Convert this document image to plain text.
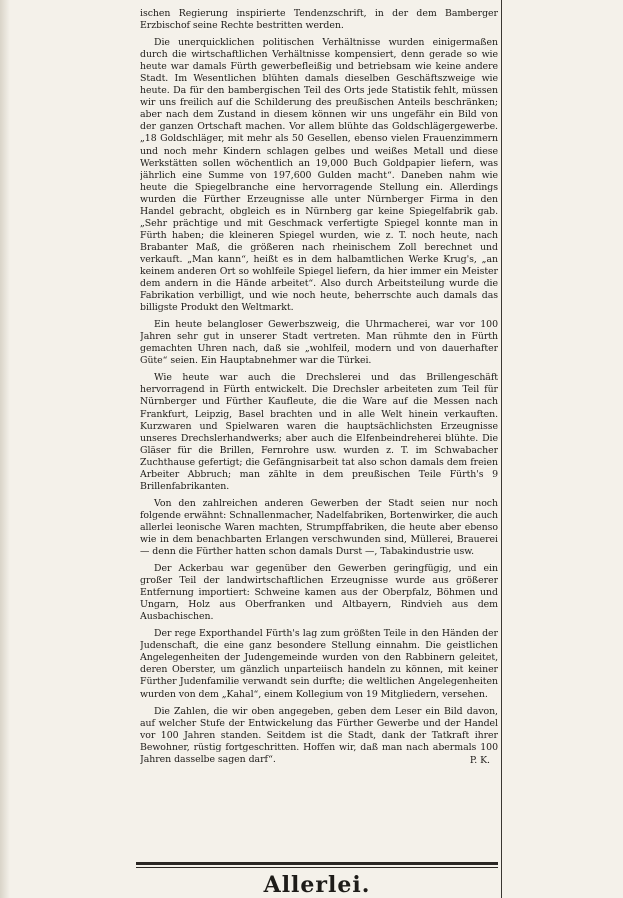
ischen Regierung inspirierte Tendenzschrift, in der dem Bamberger Erzbischof seine Rechte bestritten werden.

Die unerquicklichen politischen Verhältnisse wurden einigermaßen durch die wirtschaftlichen Verhältnisse kompensiert, denn gerade so wie heute war damals Fürth gewerbefleißig und betriebsam wie keine andere Stadt. Im Wesentlichen blühten damals dieselben Geschäftszweige wie heute. Da für den bambergischen Teil des Orts jede Statistik fehlt, müssen wir uns freilich auf die Schilderung des preußischen Anteils beschränken; aber nach dem Zustand in diesem können wir uns ungefähr ein Bild von der ganzen Ortschaft machen. Vor allem blühte das Goldschlägergewerbe. „18 Goldschläger, mit mehr als 50 Gesellen, ebenso vielen Frauenzimmern und noch mehr Kindern schlagen gelbes und weißes Metall und diese Werkstätten sollen wöchentlich an 19,000 Buch Goldpapier liefern, was jährlich eine Summe von 197,600 Gulden macht“. Daneben nahm wie heute die Spiegelbranche eine hervorragende Stellung ein. Allerdings wurden die Fürther Erzeugnisse alle unter Nürnberger Firma in den Handel gebracht, obgleich es in Nürnberg gar keine Spiegelfabrik gab. „Sehr prächtige und mit Geschmack verfertigte Spiegel konnte man in Fürth haben; die kleineren Spiegel wurden, wie z. T. noch heute, nach Brabanter Maß, die größeren nach rheinischem Zoll berechnet und verkauft. „Man kann“, heißt es in dem halbamtlichen Werke Krug's, „an keinem anderen Ort so wohlfeile Spiegel liefern, da hier immer ein Meister dem andern in die Hände arbeitet“. Also durch Arbeitsteilung wurde die Fabrikation verbilligt, und wie noch heute, beherrschte auch damals das billigste Produkt den Weltmarkt.

Ein heute belangloser Gewerbszweig, die Uhrmacherei, war vor 100 Jahren sehr gut in unserer Stadt vertreten. Man rühmte den in Fürth gemachten Uhren nach, daß sie „wohlfeil, modern und von dauerhafter Güte“ seien. Ein Hauptabnehmer war die Türkei.

Wie heute war auch die Drechslerei und das Brillengeschäft hervorragend in Fürth entwickelt. Die Drechsler arbeiteten zum Teil für Nürnberger und Fürther Kaufleute, die die Ware auf die Messen nach Frankfurt, Leipzig, Basel brachten und in alle Welt hinein verkauften. Kurzwaren und Spielwaren waren die hauptsächlichsten Erzeugnisse unseres Drechslerhandwerks; aber auch die Elfenbeindreherei blühte. Die Gläser für die Brillen, Fernrohre usw. wurden z. T. im Schwabacher Zuchthause gefertigt; die Gefängnisarbeit tat also schon damals dem freien Arbeiter Abbruch; man zählte in dem preußischen Teile Fürth's 9 Brillenfabrikanten.

Von den zahlreichen anderen Gewerben der Stadt seien nur noch folgende erwähnt: Schnallenmacher, Nadelfabriken, Bortenwirker, die auch allerlei leonische Waren machten, Strumpffabriken, die heute aber ebenso wie in dem benachbarten Erlangen verschwunden sind, Müllerei, Brauerei — denn die Fürther hatten schon damals Durst —, Tabakindustrie usw.

Der Ackerbau war gegenüber den Gewerben geringfügig, und ein großer Teil der landwirtschaftlichen Erzeugnisse wurde aus größerer Entfernung importiert: Schweine kamen aus der Oberpfalz, Böhmen und Ungarn, Holz aus Oberfranken und Altbayern, Rindvieh aus dem Ausbachischen.

Der rege Exporthandel Fürth's lag zum größten Teile in den Händen der Judenschaft, die eine ganz besondere Stellung einnahm. Die geistlichen Angelegenheiten der Judengemeinde wurden von den Rabbinern geleitet, deren Oberster, um gänzlich unparteiisch handeln zu können, mit keiner Fürther Judenfamilie verwandt sein durfte; die weltlichen Angelegenheiten wurden von dem „Kahal“, einem Kollegium von 19 Mitgliedern, versehen.

Die Zahlen, die wir oben angegeben, geben dem Leser ein Bild davon, auf welcher Stufe der Entwickelung das Fürther Gewerbe und der Handel vor 100 Jahren standen. Seitdem ist die Stadt, dank der Tatkraft ihrer Bewohner, rüstig fortgeschritten. Hoffen wir, daß man nach abermals 100 Jahren dasselbe sagen darf“.	P. K.
Allerlei.
